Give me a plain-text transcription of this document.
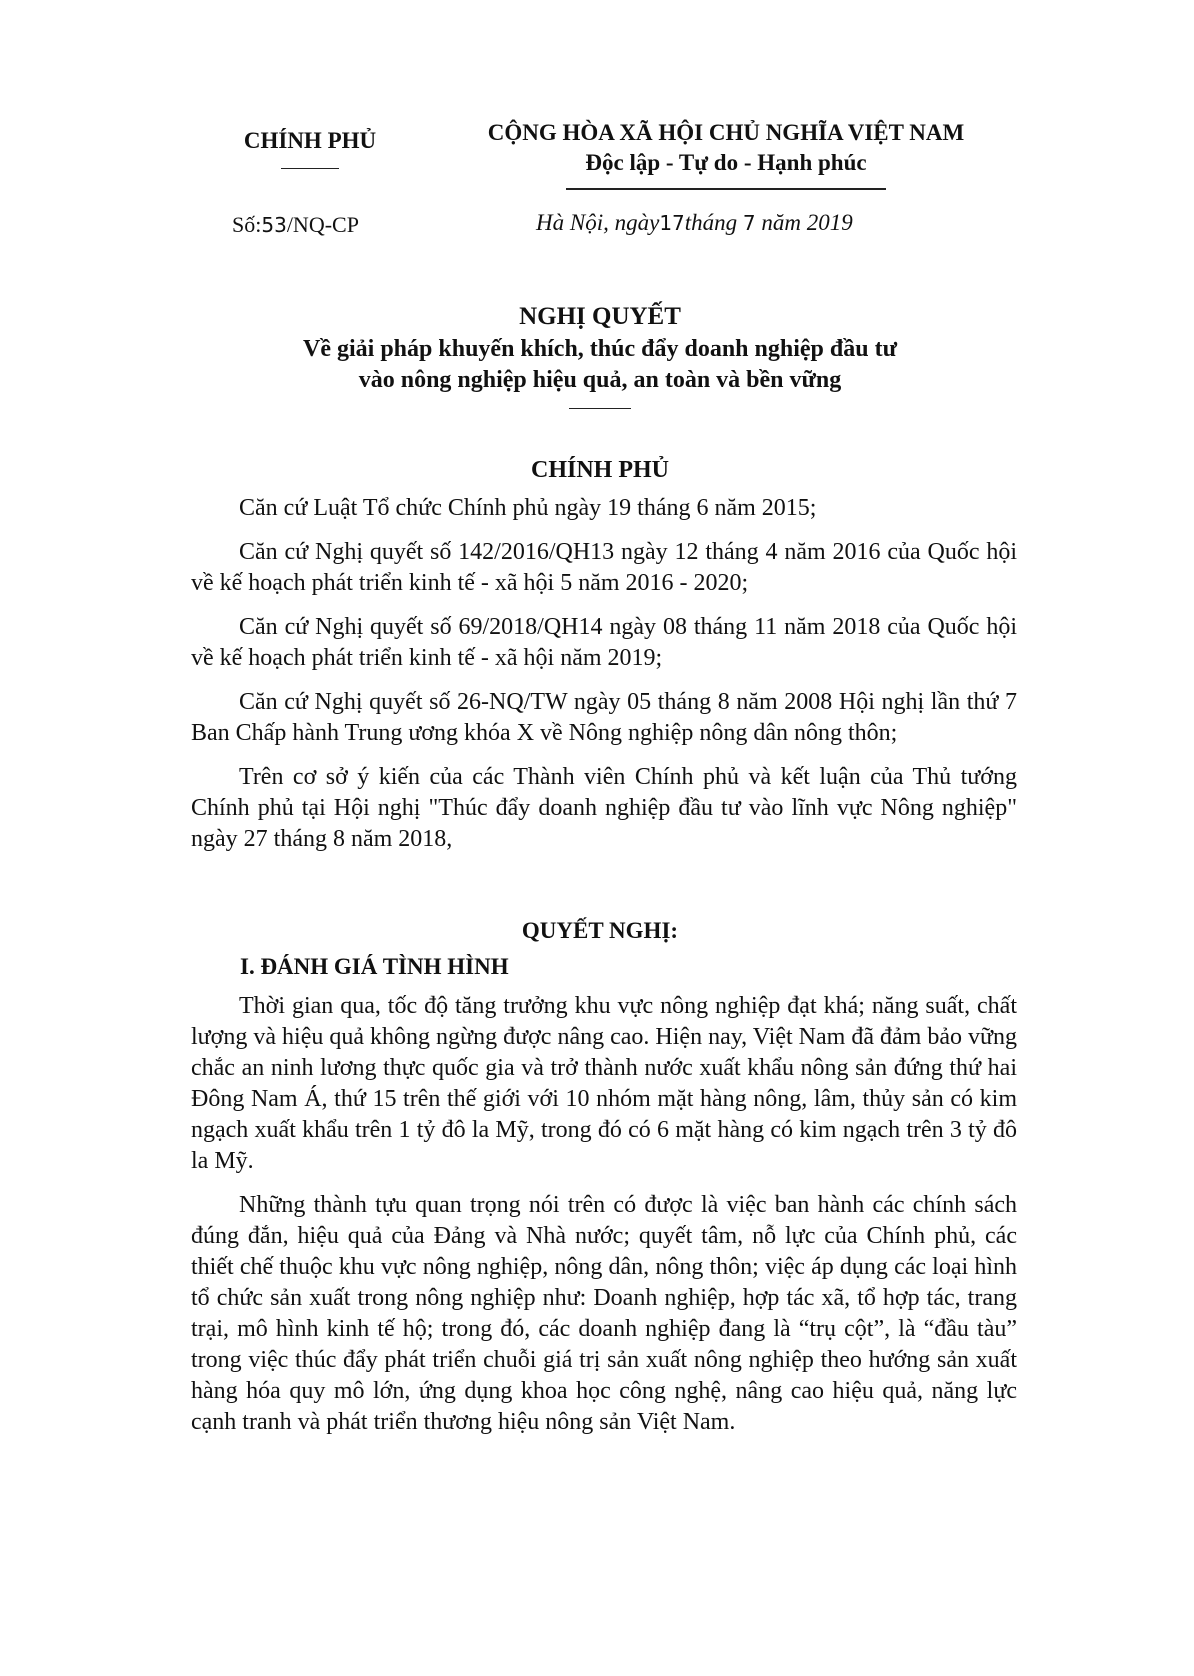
CHÍNH PHỦ
Số:53/NQ-CP
CỘNG HÒA XÃ HỘI CHỦ NGHĨA VIỆT NAM
Độc lập - Tự do - Hạnh phúc
Hà Nội, ngày17tháng 7 năm 2019
NGHỊ QUYẾT
Về giải pháp khuyến khích, thúc đẩy doanh nghiệp đầu tư
vào nông nghiệp hiệu quả, an toàn và bền vững
CHÍNH PHỦ

Căn cứ Luật Tổ chức Chính phủ ngày 19 tháng 6 năm 2015;

Căn cứ Nghị quyết số 142/2016/QH13 ngày 12 tháng 4 năm 2016 của Quốc hội về kế hoạch phát triển kinh tế - xã hội 5 năm 2016 - 2020;

Căn cứ Nghị quyết số 69/2018/QH14 ngày 08 tháng 11 năm 2018 của Quốc hội về kế hoạch phát triển kinh tế - xã hội năm 2019;

Căn cứ Nghị quyết số 26-NQ/TW ngày 05 tháng 8 năm 2008 Hội nghị lần thứ 7 Ban Chấp hành Trung ương khóa X về Nông nghiệp nông dân nông thôn;

Trên cơ sở ý kiến của các Thành viên Chính phủ và kết luận của Thủ tướng Chính phủ tại Hội nghị "Thúc đẩy doanh nghiệp đầu tư vào lĩnh vực Nông nghiệp" ngày 27 tháng 8 năm 2018,

QUYẾT NGHỊ:
I. ĐÁNH GIÁ TÌNH HÌNH

Thời gian qua, tốc độ tăng trưởng khu vực nông nghiệp đạt khá; năng suất, chất lượng và hiệu quả không ngừng được nâng cao. Hiện nay, Việt Nam đã đảm bảo vững chắc an ninh lương thực quốc gia và trở thành nước xuất khẩu nông sản đứng thứ hai Đông Nam Á, thứ 15 trên thế giới với 10 nhóm mặt hàng nông, lâm, thủy sản có kim ngạch xuất khẩu trên 1 tỷ đô la Mỹ, trong đó có 6 mặt hàng có kim ngạch trên 3 tỷ đô la Mỹ.

Những thành tựu quan trọng nói trên có được là việc ban hành các chính sách đúng đắn, hiệu quả của Đảng và Nhà nước; quyết tâm, nỗ lực của Chính phủ, các thiết chế thuộc khu vực nông nghiệp, nông dân, nông thôn; việc áp dụng các loại hình tổ chức sản xuất trong nông nghiệp như: Doanh nghiệp, hợp tác xã, tổ hợp tác, trang trại, mô hình kinh tế hộ; trong đó, các doanh nghiệp đang là “trụ cột”, là “đầu tàu” trong việc thúc đẩy phát triển chuỗi giá trị sản xuất nông nghiệp theo hướng sản xuất hàng hóa quy mô lớn, ứng dụng khoa học công nghệ, nâng cao hiệu quả, năng lực cạnh tranh và phát triển thương hiệu nông sản Việt Nam.
